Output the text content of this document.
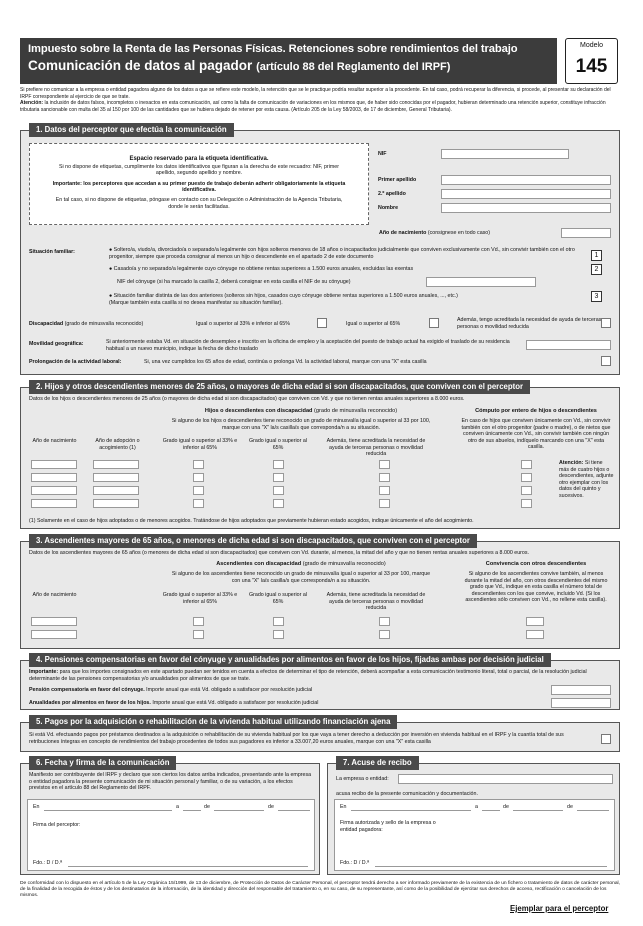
Impuesto sobre la Renta de las Personas Físicas. Retenciones sobre rendimientos del trabajo
Comunicación de datos al pagador (artículo 88 del Reglamento del IRPF)
Modelo
145
Si prefiere no comunicar a la empresa o entidad pagadora alguno de los datos a que se refiere este modelo, la retención que se le practique podría resultar superior a la procedente. En tal caso, podrá recuperar la diferencia, si procede, al presentar su declaración del IRPF correspondiente al ejercicio de que se trate.
Atención: la inclusión de datos falsos, incompletos o inexactos en esta comunicación, así como la falta de comunicación de variaciones en los mismos que, de haber sido conocidas por el pagador, hubieran determinado una retención superior, constituye infracción tributaria sancionable con multa del 35 al 150 por 100 de las cantidades que se hubiera dejado de retener por esta causa. (Artículo 205 de la Ley 58/2003, de 17 de diciembre, General Tributaria).
1. Datos del perceptor que efectúa la comunicación
Espacio reservado para la etiqueta identificativa.
Si no dispone de etiquetas, cumplimente los datos identificativos que figuran a la derecha de este recuadro: NIF, primer apellido, segundo apellido y nombre.
Importante: los perceptores que accedan a su primer puesto de trabajo deberán adherir obligatoriamente la etiqueta identificativa.
En tal caso, si no dispone de etiquetas, póngase en contacto con su Delegación o Administración de la Agencia Tributaria, donde le serán facilitadas.
NIF
Primer apellido
2.º apellido
Nombre
Año de nacimiento (consignese en todo caso)
Situación familiar:	● Soltero/a, viudo/a, divorciado/a o separado/a legalmente con hijos solteros menores de 18 años o incapacitados judicialmente que conviven exclusivamente con Vd., sin convivir también con el otro progenitor, siempre que proceda consignar al menos un hijo o descendiente en el apartado 2 de este documento	1
● Casado/a y no separado/a legalmente cuyo cónyuge no obtiene rentas superiores a 1.500 euros anuales, excluidas las exentas	2
NIF del cónyuge (si ha marcado la casilla 2, deberá consignar en esta casilla el NIF de su cónyuge)
● Situación familiar distinta de las dos anteriores (solteros sin hijos, casados cuyo cónyuge obtiene rentas superiores a 1.500 euros anuales, ..., etc.)
(Marque también esta casilla si no desea manifestar su situación familiar).
3
Discapacidad (grado de minusvalía reconocido)	Igual o superior al 33% e inferior al 65%	Igual o superior al 65%
Además, tengo acreditada la necesidad de ayuda de terceras personas o movilidad reducida
Movilidad geográfica:	Si anteriormente estaba Vd. en situación de desempleo e inscrito en la oficina de empleo y la aceptación del puesto de trabajo actual ha exigido el traslado de su residencia habitual a un nuevo municipio, indique la fecha de dicho traslado
Prolongación de la actividad laboral:	Si, una vez cumplidos los 65 años de edad, continúa o prolonga Vd. la actividad laboral, marque con una "X" esta casilla
2. Hijos y otros descendientes menores de 25 años, o mayores de dicha edad si son discapacitados, que conviven con el perceptor
Datos de los hijos o descendientes menores de 25 años (o mayores de dicha edad si son discapacitados) que conviven con Vd. y que no tienen rentas anuales superiores a 8.000 euros.
Hijos o descendientes con discapacidad (grado de minusvalía reconocido)	Cómputo por entero de hijos o descendientes
Si alguno de los hijos o descendientes tiene reconocido un grado de minusvalía igual o superior al 33 por 100, marque con una "X" la/s casilla/s que corresponda/n a su situación.
En caso de hijos que conviven únicamente con Vd., sin convivir también con el otro progenitor (padre o madre), o de nietos que conviven únicamente con Vd., sin convivir también con ningún otro de sus abuelos, indíquelo marcando con una "X" esta casilla.
Año de nacimiento	Año de adopción o acogimiento (1)
Grado igual o superior al 33% e inferior al 65%
Grado igual o superior al 65%
Además, tiene acreditada la necesidad de ayuda de terceras personas o movilidad reducida
Atención: Si tiene más de cuatro hijos o descendientes, adjunte otro ejemplar con los datos del quinto y sucesivos.
(1) Solamente en el caso de hijos adoptados o de menores acogidos. Tratándose de hijos adoptados que previamente hubieran estado acogidos, indique únicamente el año del acogimiento.
3. Ascendientes mayores de 65 años, o menores de dicha edad si son discapacitados, que conviven con el perceptor
Datos de los ascendientes mayores de 65 años (o menores de dicha edad si son discapacitados) que conviven con Vd. durante, al menos, la mitad del año y que no tienen rentas anuales superiores a 8.000 euros.
Ascendientes con discapacidad (grado de minusvalía reconocido)	Convivencia con otros descendientes
Si alguno de los ascendientes tiene reconocido un grado de minusvalía igual o superior al 33 por 100, marque con una "X" la/s casilla/s que corresponda/n a su situación.
Si alguno de los ascendientes convive también, al menos durante la mitad del año, con otros descendientes del mismo grado que Vd., indique en esta casilla el número total de descendientes con los que convive, incluido Vd. (Si los ascendientes sólo conviven con Vd., no rellene esta casilla).
Año de nacimiento	Grado igual o superior al 33% e inferior al 65%
Grado igual o superior al 65%
Además, tiene acreditada la necesidad de ayuda de terceras personas o movilidad reducida
4. Pensiones compensatorias en favor del cónyuge y anualidades por alimentos en favor de los hijos, fijadas ambas por decisión judicial
Importante: para que los importes consignados en este apartado puedan ser tenidos en cuenta a efectos de determinar el tipo de retención, deberá acompañar a esta comunicación testimonio literal, total o parcial, de la resolución judicial determinante de las pensiones compensatorias y/o anualidades por alimentos de que se trate.
Pensión compensatoria en favor del cónyuge. Importe anual que está Vd. obligado a satisfacer por resolución judicial
Anualidades por alimentos en favor de los hijos. Importe anual que está Vd. obligado a satisfacer por resolución judicial
5. Pagos por la adquisición o rehabilitación de la vivienda habitual utilizando financiación ajena
Si está Vd. efectuando pagos por préstamos destinados a la adquisición o rehabilitación de su vivienda habitual por los que vaya a tener derecho a deducción por inversión en vivienda habitual en el IRPF y la cuantía total de sus retribuciones íntegras en concepto de rendimientos del trabajo procedentes de todos sus pagadores es inferior a 33.007,20 euros anuales, marque con una "X" esta casilla
6. Fecha y firma de la comunicación
Manifiesto ser contribuyente del IRPF y declaro que son ciertos los datos arriba indicados, presentando ante la empresa o entidad pagadora la presente comunicación de mi situación personal y familiar, o de su variación, a los efectos previstos en el artículo 88 del Reglamento del IRPF.
En	a	de	de
Firma del perceptor:
Fdo.: D / D.ª
7. Acuse de recibo
La empresa o entidad:
acusa recibo de la presente comunicación y documentación.
En	a	de	de
Firma autorizada y sello de la empresa o entidad pagadora:
Fdo.: D / D.ª
De conformidad con lo dispuesto en el artículo 5 de la Ley Orgánica 15/1999, de 13 de diciembre, de Protección de Datos de Carácter Personal, el perceptor tendrá derecho a ser informado previamente de la existencia de un fichero o tratamiento de datos de carácter personal, de la finalidad de la recogida de éstos y de los destinatarios de la información, de la identidad y dirección del responsable del tratamiento o, en su caso, de su representante, así como de la posibilidad de ejercitar sus derechos de acceso, rectificación o cancelación de los mismos.
Ejemplar para el perceptor
